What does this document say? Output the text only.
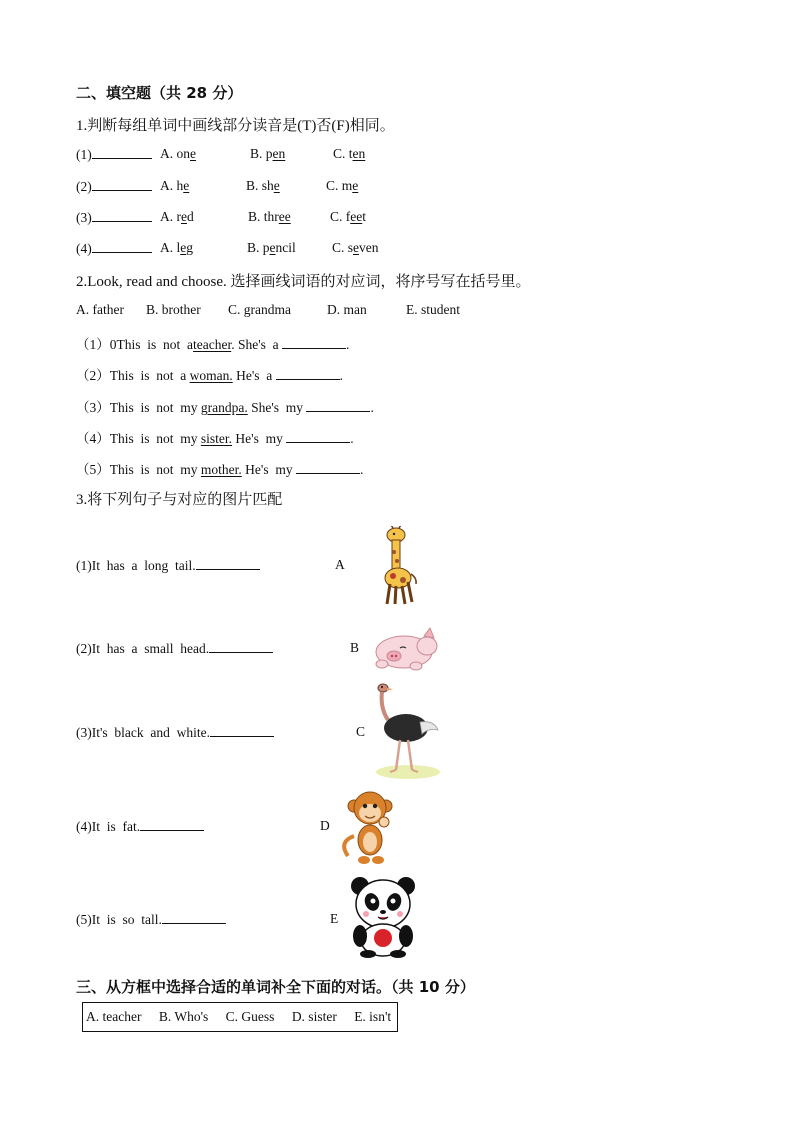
二、填空题（共 28 分）
1.判断每组单词中画线部分读音是(T)否(F)相同。
(1)	A. one	B. pen	C. ten
(2)	A. he	B. she	C. me
(3)	A. red	B. three	C. feet
(4)	A. leg	B. pencil	C. seven
2.Look, read and choose. 选择画线词语的对应词，将序号写在括号里。
A. father B. brother C. grandma	D. man	E. student
（1）0This  is  not  ateacher. She's  a	.
（2）This  is  not  a woman. He's  a	.
（3）This  is  not  my grandpa. She's  my	.
（4）This  is  not  my sister. He's  my	.
（5）This  is  not  my mother. He's  my	.
3.将下列句子与对应的图片匹配
(1)It  has  a  long  tail.	A
(2)It  has  a  small  head.	B
(3)It's  black  and  white.	C
(4)It  is  fat.	D
(5)It  is  so  tall.	E
三、从方框中选择合适的单词补全下面的对话。（共 10 分）
A. teacher B. Who's C. Guess D. sister E. isn't
